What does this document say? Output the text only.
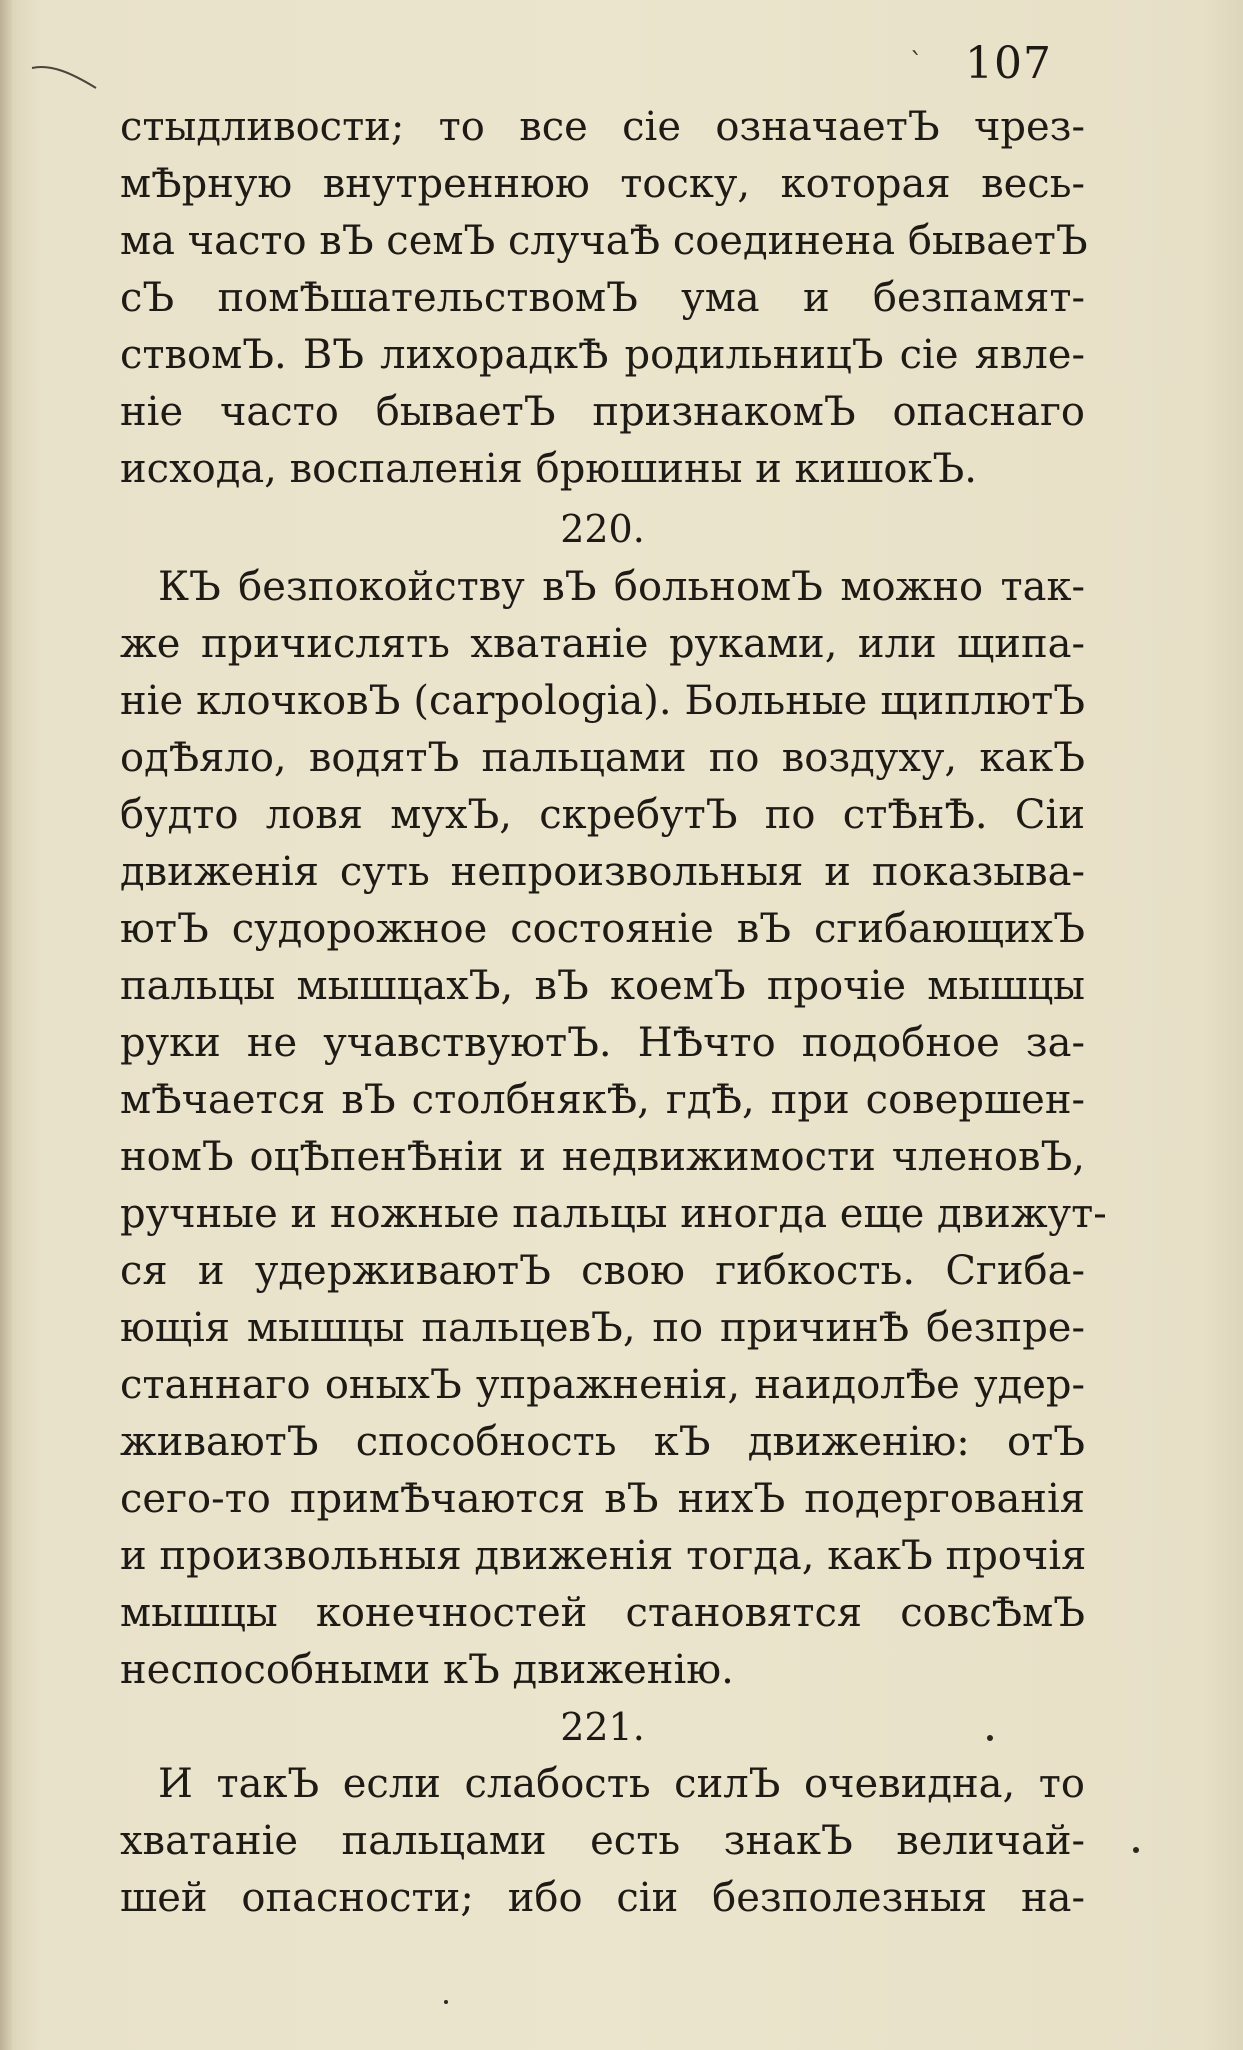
` 107
стыдливости; то все сіе означаетЪ чрез-
мѢрную внутреннюю тоску, которая весь-
ма часто вЪ семЪ случаѢ соединена бываетЪ
сЪ помѢшательствомЪ ума и безпамят-
ствомЪ. ВЪ лихорадкѢ родильницЪ сіе явле-
ніе часто бываетЪ признакомЪ опаснаго
исхода, воспаленія брюшины и кишокЪ.
220.
КЪ безпокойству вЪ больномЪ можно так-
же причислять хватаніе руками, или щипа-
ніе клочковЪ (carpologia). Больные щиплютЪ
одѢяло, водятЪ пальцами по воздуху, какЪ
будто ловя мухЪ, скребутЪ по стѢнѢ. Сіи
движенія суть непроизвольныя и показыва-
ютЪ судорожное состояніе вЪ сгибающихЪ
пальцы мышцахЪ, вЪ коемЪ прочіе мышцы
руки не учавствуютЪ. НѢчто подобное за-
мѢчается вЪ столбнякѢ, гдѢ, при совершен-
номЪ оцѢпенѢніи и недвижимости членовЪ,
ручные и ножные пальцы иногда еще движут-
ся и удерживаютЪ свою гибкость. Сгиба-
ющія мышцы пальцевЪ, по причинѢ безпре-
станнаго оныхЪ упражненія, наидолѢе удер-
живаютЪ способность кЪ движенію: отЪ
сего-то примѢчаются вЪ нихЪ подергованія
и произвольныя движенія тогда, какЪ прочія
мышцы конечностей становятся совсѢмЪ
неспособными кЪ движенію.
221.
И такЪ если слабость силЪ очевидна, то
хватаніе пальцами есть знакЪ величай-
шей опасности; ибо сіи безполезныя на-
